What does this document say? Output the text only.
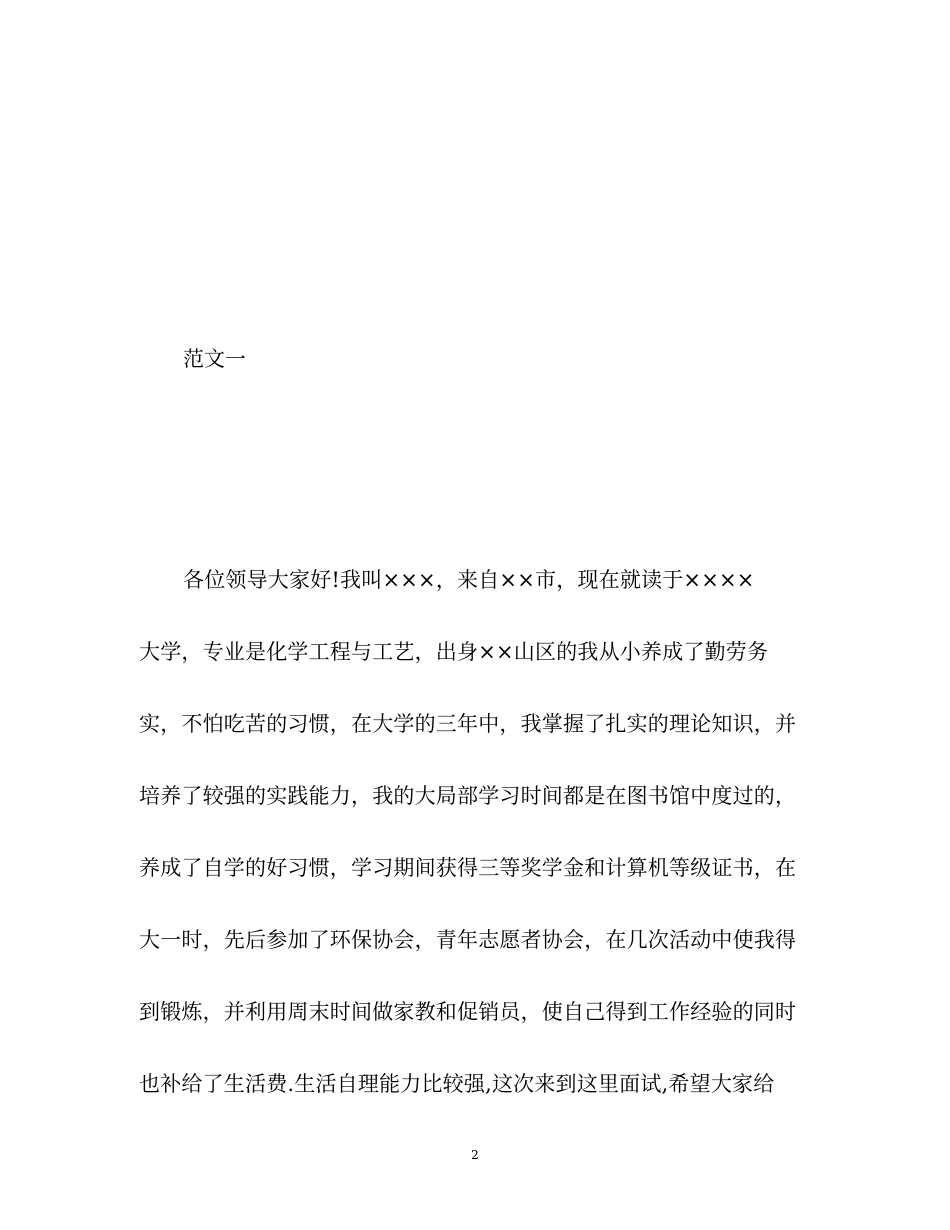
范文一
各位领导大家好!我叫×××，来自××市，现在就读于××××
大学，专业是化学工程与工艺，出身××山区的我从小养成了勤劳务
实，不怕吃苦的习惯，在大学的三年中，我掌握了扎实的理论知识，并
培养了较强的实践能力，我的大局部学习时间都是在图书馆中度过的，
养成了自学的好习惯，学习期间获得三等奖学金和计算机等级证书，在
大一时，先后参加了环保协会，青年志愿者协会，在几次活动中使我得
到锻炼，并利用周末时间做家教和促销员，使自己得到工作经验的同时
也补给了生活费.生活自理能力比较强,这次来到这里面试,希望大家给
2
